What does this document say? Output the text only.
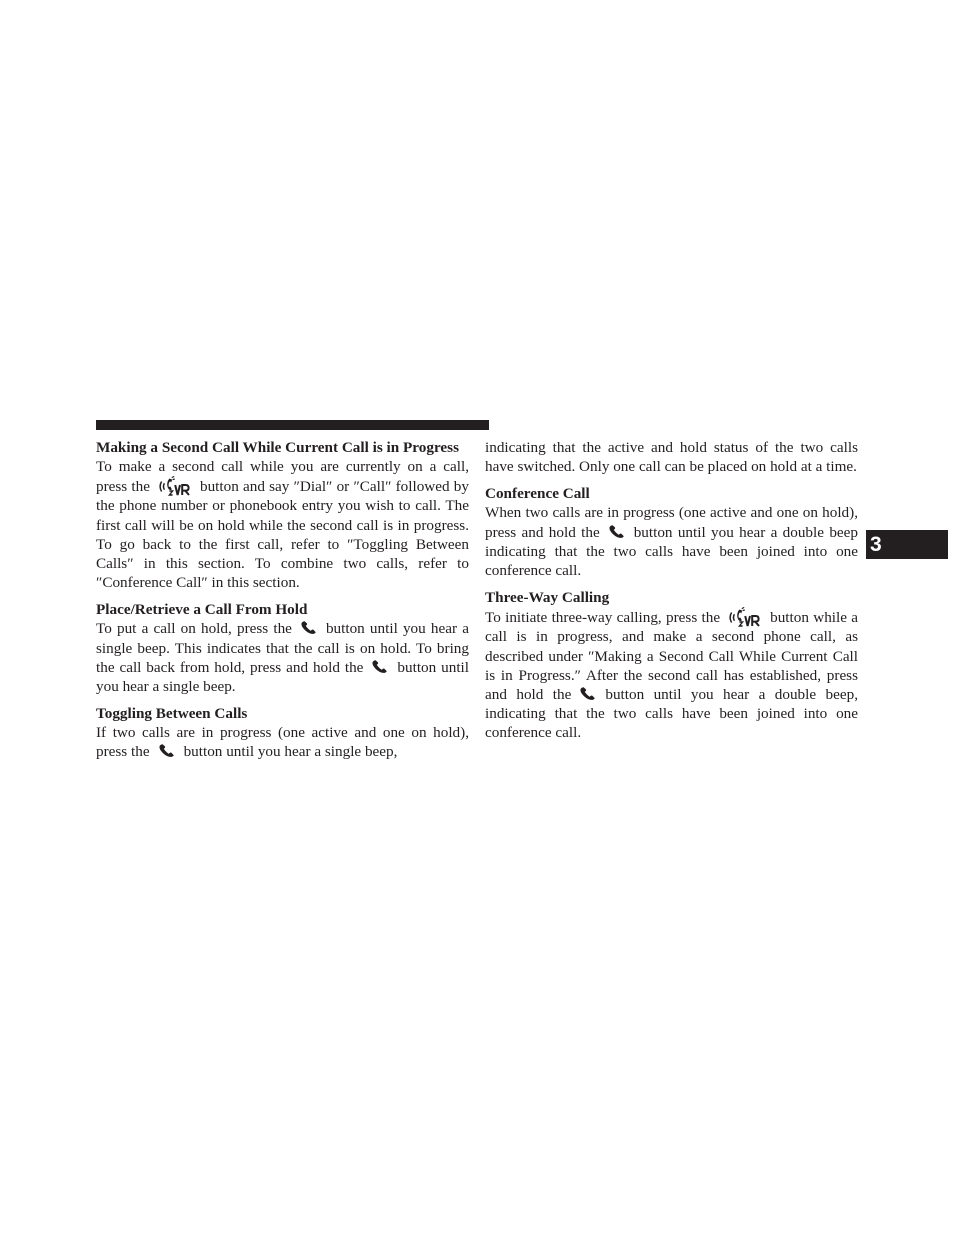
Making a Second Call While Current Call is in Progress

To make a second call while you are currently on a call, press the	button and say ″Dial″ or ″Call″ followed by the phone number or phonebook entry you wish to call. The first call will be on hold while the second call is in progress. To go back to the first call, refer to ″Toggling Between Calls″ in this section. To combine two calls, refer to ″Conference Call″ in this section.

Place/Retrieve a Call From Hold

To put a call on hold, press the button until you hear a single beep. This indicates that the call is on hold. To bring the call back from hold, press and hold the button until you hear a single beep.

Toggling Between Calls

If two calls are in progress (one active and one on hold), press the button until you hear a single beep,

indicating that the active and hold status of the two calls have switched. Only one call can be placed on hold at a time.

Conference Call

When two calls are in progress (one active and one on hold), press and hold the button until you hear a double beep indicating that the two calls have been joined into one conference call.

Three-Way Calling

To initiate three-way calling, press the	button while a call is in progress, and make a second phone call, as described under ″Making a Second Call While Current Call is in Progress.″ After the second call has established, press and hold the button until you hear a double beep, indicating that the two calls have been joined into one conference call.

3
